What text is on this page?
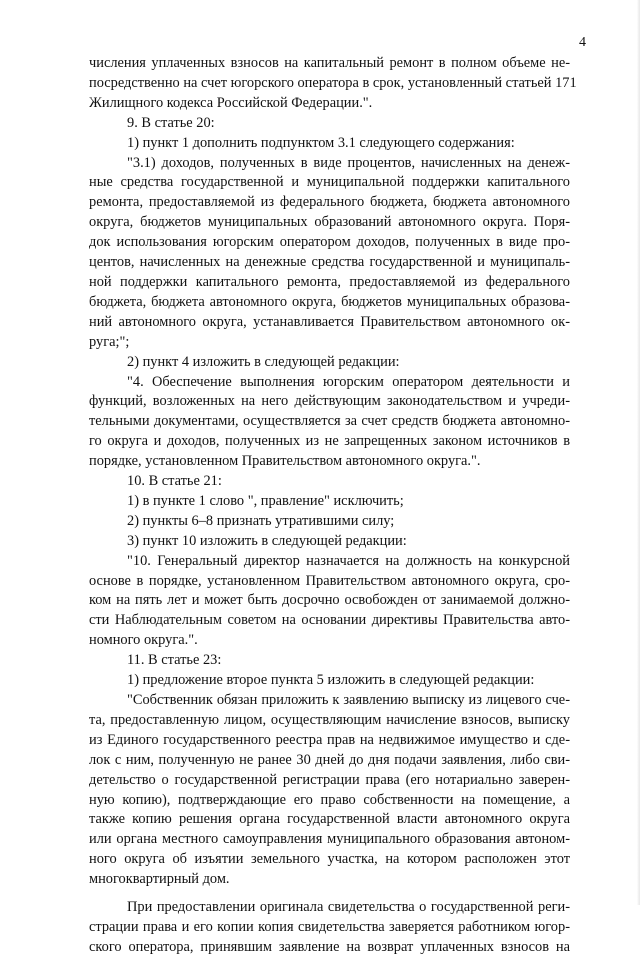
4
числения уплаченных взносов на капитальный ремонт в полном объеме не-
посредственно на счет югорского оператора в срок, установленный статьей 171
Жилищного кодекса Российской Федерации.".
9. В статье 20:
1) пункт 1 дополнить подпунктом 3.1 следующего содержания:
"3.1) доходов, полученных в виде процентов, начисленных на денеж-
ные средства государственной и муниципальной поддержки капитального
ремонта, предоставляемой из федерального бюджета, бюджета автономного
округа, бюджетов муниципальных образований автономного округа. Поря-
док использования югорским оператором доходов, полученных в виде про-
центов, начисленных на денежные средства государственной и муниципаль-
ной поддержки капитального ремонта, предоставляемой из федерального
бюджета, бюджета автономного округа, бюджетов муниципальных образова-
ний автономного округа, устанавливается Правительством автономного ок-
руга;";
2) пункт 4 изложить в следующей редакции:
"4. Обеспечение выполнения югорским оператором деятельности и
функций, возложенных на него действующим законодательством и учреди-
тельными документами, осуществляется за счет средств бюджета автономно-
го округа и доходов, полученных из не запрещенных законом источников в
порядке, установленном Правительством автономного округа.".
10. В статье 21:
1) в пункте 1 слово ", правление" исключить;
2) пункты 6–8 признать утратившими силу;
3) пункт 10 изложить в следующей редакции:
"10. Генеральный директор назначается на должность на конкурсной
основе в порядке, установленном Правительством автономного округа, сро-
ком на пять лет и может быть досрочно освобожден от занимаемой должно-
сти Наблюдательным советом на основании директивы Правительства авто-
номного округа.".
11. В статье 23:
1) предложение второе пункта 5 изложить в следующей редакции:
"Собственник обязан приложить к заявлению выписку из лицевого сче-
та, предоставленную лицом, осуществляющим начисление взносов, выписку
из Единого государственного реестра прав на недвижимое имущество и сде-
лок с ним, полученную не ранее 30 дней до дня подачи заявления, либо сви-
детельство о государственной регистрации права (его нотариально заверен-
ную копию), подтверждающие его право собственности на помещение, а
также копию решения органа государственной власти автономного округа
или органа местного самоуправления муниципального образования автоном-
ного округа об изъятии земельного участка, на котором расположен этот
многоквартирный дом.
При предоставлении оригинала свидетельства о государственной реги-
страции права и его копии копия свидетельства заверяется работником югор-
ского оператора, принявшим заявление на возврат уплаченных взносов на
